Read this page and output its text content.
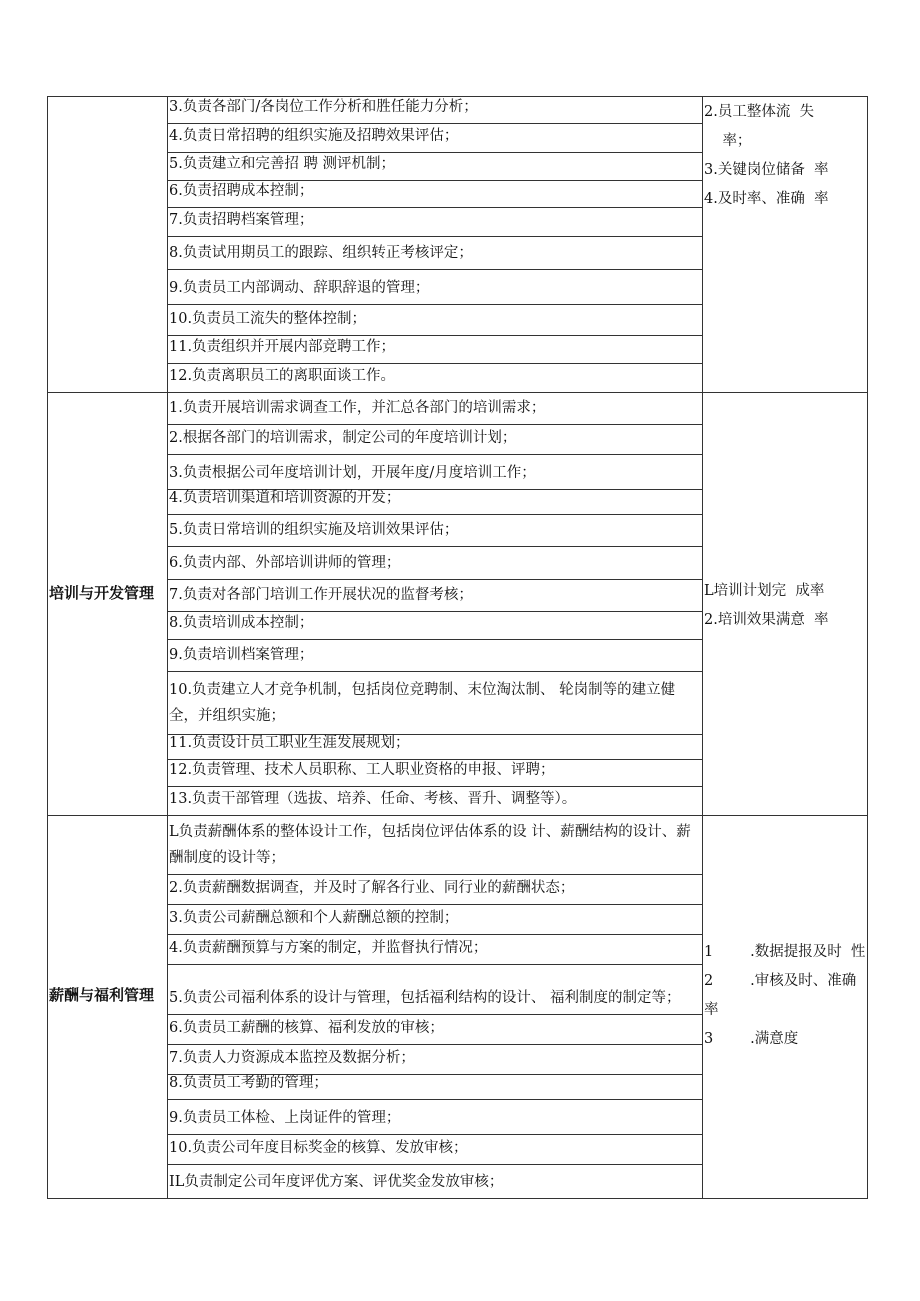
3.负责各部门/各岗位工作分析和胜任能力分析；
4.负责日常招聘的组织实施及招聘效果评估；
5.负责建立和完善招 聘 测评机制；
6.负责招聘成本控制；
7.负责招聘档案管理；
8.负责试用期员工的跟踪、组织转正考核评定；
9.负责员工内部调动、辞职辞退的管理；
10.负责员工流失的整体控制；
11.负责组织并开展内部竞聘工作；
12.负责离职员工的离职面谈工作。
2.员工整体流  失
率；
3.关键岗位储备  率
4.及时率、准确  率
1.负责开展培训需求调查工作，并汇总各部门的培训需求；
2.根据各部门的培训需求，制定公司的年度培训计划；
3.负责根据公司年度培训计划，开展年度/月度培训工作；
4.负责培训渠道和培训资源的开发；
5.负责日常培训的组织实施及培训效果评估；
6.负责内部、外部培训讲师的管理；
7.负责对各部门培训工作开展状况的监督考核；
8.负责培训成本控制；
9.负责培训档案管理；
10.负责建立人才竞争机制，包括岗位竞聘制、末位淘汰制、 轮岗制等的建立健全，并组织实施；
11.负责设计员工职业生涯发展规划；
12.负责管理、技术人员职称、工人职业资格的申报、评聘；
13.负责干部管理（选拔、培养、任命、考核、晋升、调整等）。
培训与开发管理	L培训计划完  成率
2.培训效果满意  率
L负责薪酬体系的整体设计工作，包括岗位评估体系的设 计、薪酬结构的设计、薪酬制度的设计等；
2.负责薪酬数据调查，并及时了解各行业、同行业的薪酬状态；
3.负责公司薪酬总额和个人薪酬总额的控制；
4.负责薪酬预算与方案的制定，并监督执行情况；
5.负责公司福利体系的设计与管理，包括福利结构的设计、 福利制度的制定等；
6.负责员工薪酬的核算、福利发放的审核；
7.负责人力资源成本监控及数据分析；
8.负责员工考勤的管理；
9.负责员工体检、上岗证件的管理；
10.负责公司年度目标奖金的核算、发放审核；
IL负责制定公司年度评优方案、评优奖金发放审核；
薪酬与福利管理
1        .数据提报及时  性
2        .审核及时、准确  率
3        .满意度
